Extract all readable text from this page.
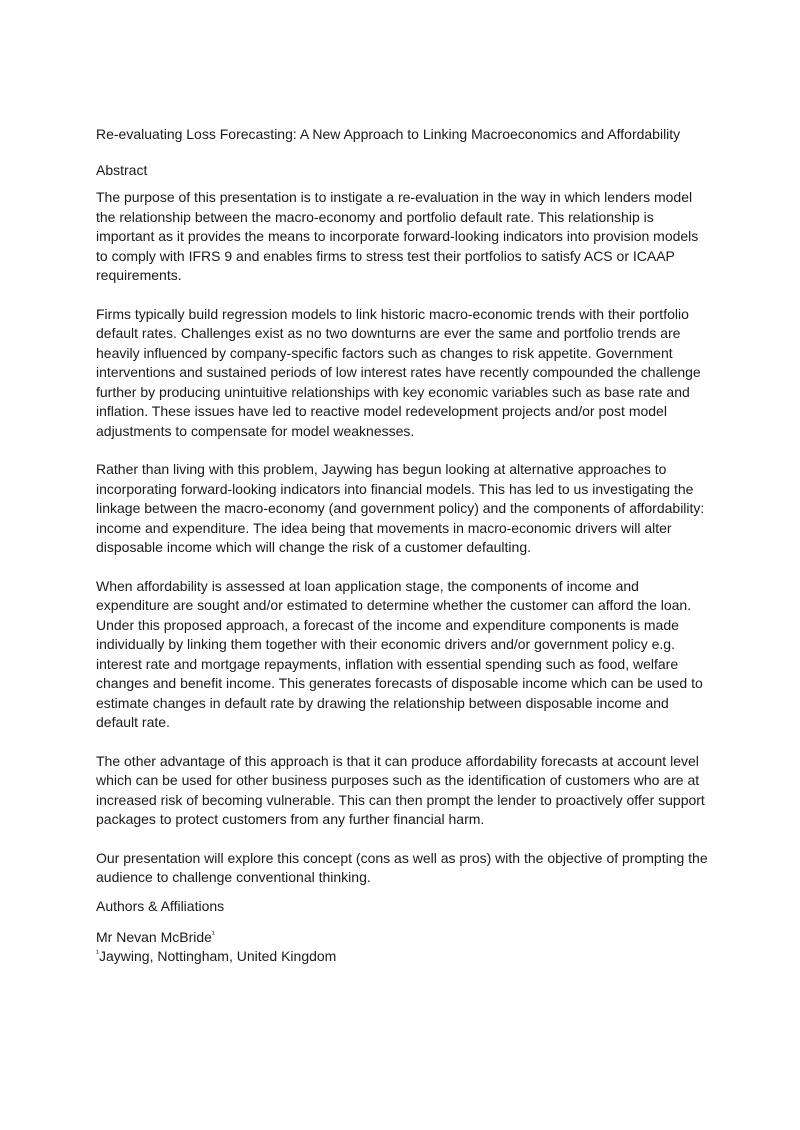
Re-evaluating Loss Forecasting: A New Approach to Linking Macroeconomics and Affordability

Abstract

The purpose of this presentation is to instigate a re-evaluation in the way in which lenders model the relationship between the macro-economy and portfolio default rate. This relationship is important as it provides the means to incorporate forward-looking indicators into provision models to comply with IFRS 9 and enables firms to stress test their portfolios to satisfy ACS or ICAAP requirements.

Firms typically build regression models to link historic macro-economic trends with their portfolio default rates. Challenges exist as no two downturns are ever the same and portfolio trends are heavily influenced by company-specific factors such as changes to risk appetite. Government interventions and sustained periods of low interest rates have recently compounded the challenge further by producing unintuitive relationships with key economic variables such as base rate and inflation. These issues have led to reactive model redevelopment projects and/or post model adjustments to compensate for model weaknesses.

Rather than living with this problem, Jaywing has begun looking at alternative approaches to incorporating forward-looking indicators into financial models. This has led to us investigating the linkage between the macro-economy (and government policy) and the components of affordability: income and expenditure. The idea being that movements in macro-economic drivers will alter disposable income which will change the risk of a customer defaulting.

When affordability is assessed at loan application stage, the components of income and expenditure are sought and/or estimated to determine whether the customer can afford the loan. Under this proposed approach, a forecast of the income and expenditure components is made individually by linking them together with their economic drivers and/or government policy e.g. interest rate and mortgage repayments, inflation with essential spending such as food, welfare changes and benefit income. This generates forecasts of disposable income which can be used to estimate changes in default rate by drawing the relationship between disposable income and default rate.

The other advantage of this approach is that it can produce affordability forecasts at account level which can be used for other business purposes such as the identification of customers who are at increased risk of becoming vulnerable. This can then prompt the lender to proactively offer support packages to protect customers from any further financial harm.

Our presentation will explore this concept (cons as well as pros) with the objective of prompting the audience to challenge conventional thinking.

Authors & Affiliations

Mr Nevan McBride$^{^1}$

$^{^1}$Jaywing, Nottingham, United Kingdom
